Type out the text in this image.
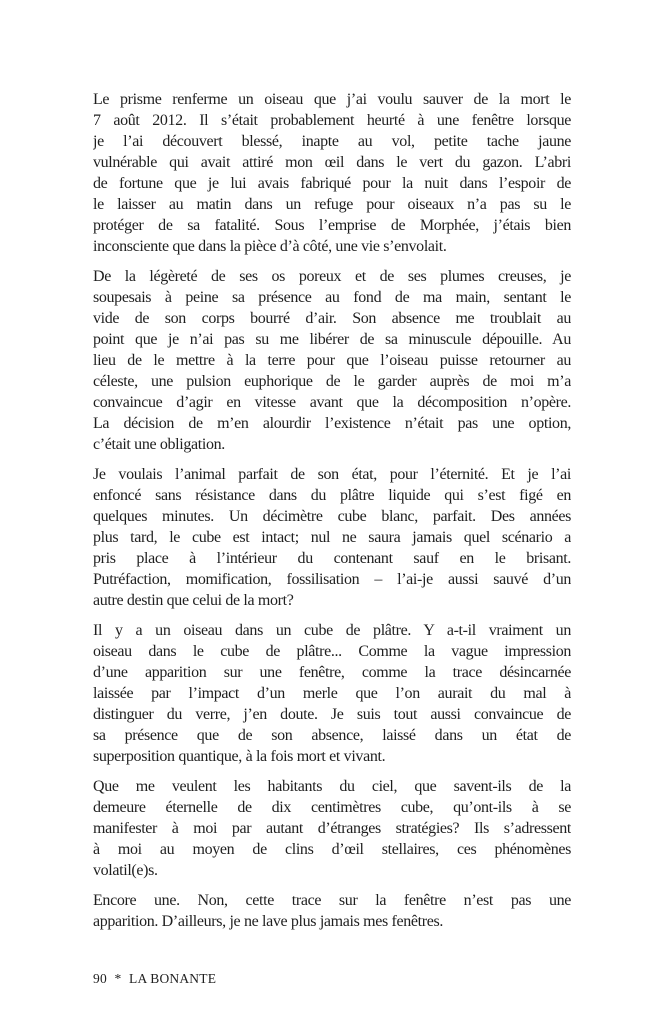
Le prisme renferme un oiseau que j’ai voulu sauver de la mort le
7 août 2012. Il s’était probablement heurté à une fenêtre lorsque
je l’ai découvert blessé, inapte au vol, petite tache jaune
vulnérable qui avait attiré mon œil dans le vert du gazon. L’abri
de fortune que je lui avais fabriqué pour la nuit dans l’espoir de
le laisser au matin dans un refuge pour oiseaux n’a pas su le
protéger de sa fatalité. Sous l’emprise de Morphée, j’étais bien
inconsciente que dans la pièce d’à côté, une vie s’envolait.

De la légèreté de ses os poreux et de ses plumes creuses, je
soupesais à peine sa présence au fond de ma main, sentant le
vide de son corps bourré d’air. Son absence me troublait au
point que je n’ai pas su me libérer de sa minuscule dépouille. Au
lieu de le mettre à la terre pour que l’oiseau puisse retourner au
céleste, une pulsion euphorique de le garder auprès de moi m’a
convaincue d’agir en vitesse avant que la décomposition n’opère.
La décision de m’en alourdir l’existence n’était pas une option,
c’était une obligation.

Je voulais l’animal parfait de son état, pour l’éternité. Et je l’ai
enfoncé sans résistance dans du plâtre liquide qui s’est figé en
quelques minutes. Un décimètre cube blanc, parfait. Des années
plus tard, le cube est intact; nul ne saura jamais quel scénario a
pris place à l’intérieur du contenant sauf en le brisant.
Putréfaction, momification, fossilisation – l’ai-je aussi sauvé d’un
autre destin que celui de la mort?

Il y a un oiseau dans un cube de plâtre. Y a-t-il vraiment un
oiseau dans le cube de plâtre... Comme la vague impression
d’une apparition sur une fenêtre, comme la trace désincarnée
laissée par l’impact d’un merle que l’on aurait du mal à
distinguer du verre, j’en doute. Je suis tout aussi convaincue de
sa présence que de son absence, laissé dans un état de
superposition quantique, à la fois mort et vivant.

Que me veulent les habitants du ciel, que savent-ils de la
demeure éternelle de dix centimètres cube, qu’ont-ils à se
manifester à moi par autant d’étranges stratégies? Ils s’adressent
à moi au moyen de clins d’œil stellaires, ces phénomènes
volatil(e)s.

Encore une. Non, cette trace sur la fenêtre n’est pas une
apparition. D’ailleurs, je ne lave plus jamais mes fenêtres.

90 * LA BONANTE
